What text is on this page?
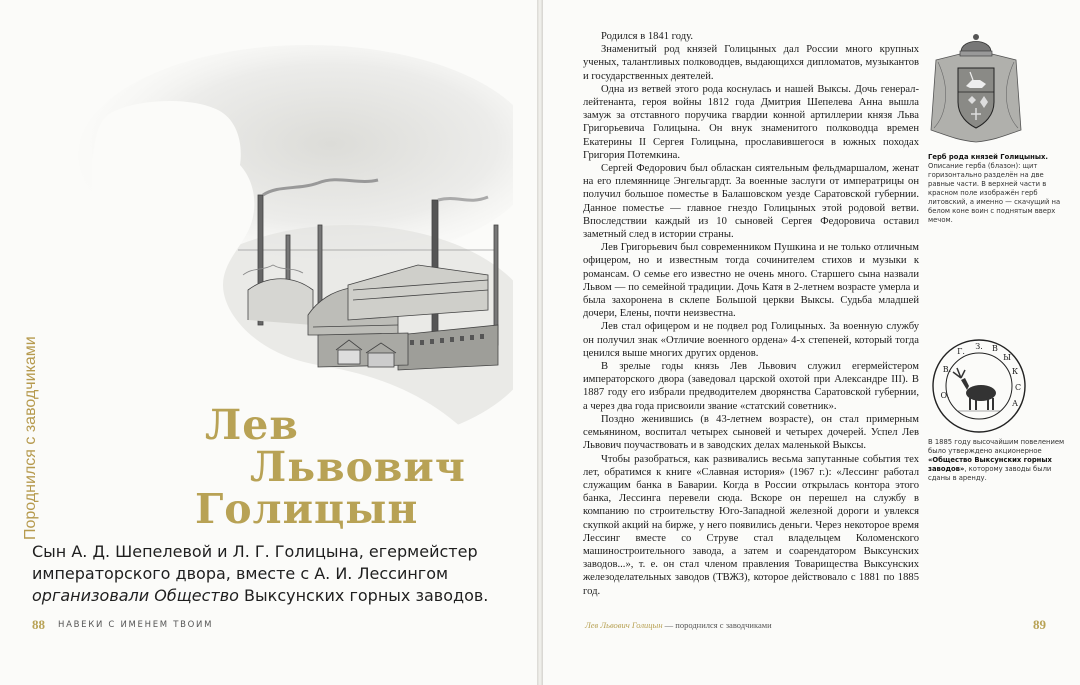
Породнился с заводчиками	Лев
Львович
Голицын

Сын А. Д. Шепелевой и Л. Г. Голицына, егермейстер императорского двора, вместе с А. И. Лессингом организовали Общество Выксунских горных заводов.

88 НАВЕКИ С ИМЕНЕМ ТВОИМ

Родился в 1841 году.

Знаменитый род князей Голицыных дал России много крупных ученых, талантливых полководцев, выдающихся дипломатов, музыкантов и государственных деятелей.

Одна из ветвей этого рода коснулась и нашей Выксы. Дочь генерал-лейтенанта, героя войны 1812 года Дмитрия Шепелева Анна вышла замуж за отставного поручика гвардии конной артиллерии князя Льва Григорьевича Голицына. Он внук знаменитого полководца времен Екатерины II Сергея Голицына, прославившегося в южных походах Григория Потемкина.

Сергей Федорович был обласкан сиятельным фельдмаршалом, женат на его племяннице Энгельгардт. За военные заслуги от императрицы он получил большое поместье в Балашовском уезде Саратовской губернии. Данное поместье — главное гнездо Голицыных этой родовой ветви. Впоследствии каждый из 10 сыновей Сергея Федоровича оставил заметный след в истории страны.

Лев Григорьевич был современником Пушкина и не только отличным офицером, но и известным тогда сочинителем стихов и музыки к романсам. О семье его известно не очень много. Старшего сына назвали Львом — по семейной традиции. Дочь Катя в 2-летнем возрасте умерла и была захоронена в склепе Большой церкви Выксы. Судьба младшей дочери, Елены, почти неизвестна.

Лев стал офицером и не подвел род Голицыных. За военную службу он получил знак «Отличие военного ордена» 4-х степеней, который тогда ценился выше многих других орденов.

В зрелые годы князь Лев Львович служил егермейстером императорского двора (заведовал царской охотой при Александре III). В 1887 году его избрали предводителем дворянства Саратовской губернии, а через два года присвоили звание «статский советник».

Поздно женившись (в 43-летнем возрасте), он стал примерным семьянином, воспитал четырех сыновей и четырех дочерей. Успел Лев Львович поучаствовать и в заводских делах маленькой Выксы.

Чтобы разобраться, как развивались весьма запутанные события тех лет, обратимся к книге «Славная история» (1967 г.): «Лессинг работал служащим банка в Баварии. Когда в России открылась контора этого банка, Лессинга перевели сюда. Вскоре он перешел на службу в компанию по строительству Юго-Западной железной дороги и увлекся скупкой акций на бирже, у него появились деньги. Через некоторое время Лессинг вместе со Струве стал владельцем Коломенского машиностроительного завода, а затем и соарендатором Выксунских заводов...», т. е. он стал членом правления Товарищества Выксунских железоделательных заводов (ТВЖЗ), которое действовало с 1881 по 1885 год.

Герб рода князей Голицыных. Описание герба (блазон): щит горизонтально разделён на две равные части. В верхней части в красном поле изображён герб литовский, а именно — скачущий на белом коне воин с поднятым вверх мечом.

О.
В.
Г.
З. В
Ы
К
С
А

В 1885 году высочайшим повелением было утверждено акционерное «Общество Выксунских горных заводов», которому заводы были сданы в аренду.

Лев Львович Голицын — породнился с заводчиками	89
